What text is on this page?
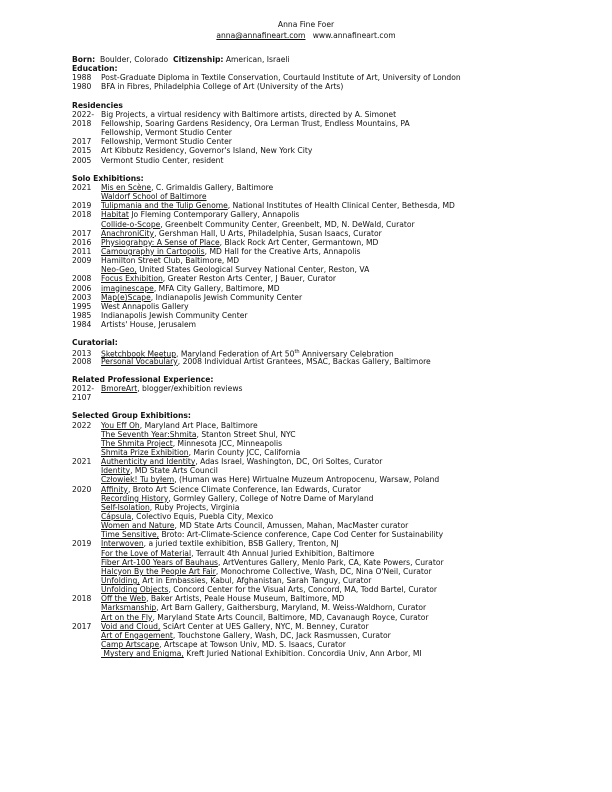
Anna Fine Foer
anna@annafineart.com www.annafineart.com
Born: Boulder, Colorado Citizenship: American, Israeli
Education:
1988 Post-Graduate Diploma in Textile Conservation, Courtauld Institute of Art, University of London
1980 BFA in Fibres, Philadelphia College of Art (University of the Arts)
Residencies
2022- Big Projects, a virtual residency with Baltimore artists, directed by A. Simonet
2018 Fellowship, Soaring Gardens Residency, Ora Lerman Trust, Endless Mountains, PA
Fellowship, Vermont Studio Center
2017 Fellowship, Vermont Studio Center
2015 Art Kibbutz Residency, Governor's Island, New York City
2005 Vermont Studio Center, resident
Solo Exhibitions:
2021 Mis en Scène, C. Grimaldis Gallery, Baltimore
Waldorf School of Baltimore
2019 Tulipmania and the Tulip Genome, National Institutes of Health Clinical Center, Bethesda, MD
2018 Habitat Jo Fleming Contemporary Gallery, Annapolis
Collide-o-Scope, Greenbelt Community Center, Greenbelt, MD, N. DeWald, Curator
2017 AnachroniCity, Gershman Hall, U Arts, Philadelphia, Susan Isaacs, Curator
2016 Physiograhpy: A Sense of Place, Black Rock Art Center, Germantown, MD
2011 Camougraphy in Cartopolis, MD Hall for the Creative Arts, Annapolis
2009 Hamilton Street Club, Baltimore, MD
Neo-Geo, United States Geological Survey National Center, Reston, VA
2008 Focus Exhibition, Greater Reston Arts Center, J Bauer, Curator
2006 imaginescape, MFA City Gallery, Baltimore, MD
2003 Map(e)Scape, Indianapolis Jewish Community Center
1995 West Annapolis Gallery
1985 Indianapolis Jewish Community Center
1984 Artists' House, Jerusalem
Curatorial:
2013 Sketchbook Meetup, Maryland Federation of Art 50th Anniversary Celebration
2008 Personal Vocabulary, 2008 Individual Artist Grantees, MSAC, Backas Gallery, Baltimore
Related Professional Experience:
2012- BmoreArt, blogger/exhibition reviews
2107
Selected Group Exhibitions:
2022 You Eff Oh, Maryland Art Place, Baltimore
The Seventh Year:Shmita, Stanton Street Shul, NYC
The Shmita Project, Minnesota JCC, Minneapolis
Shmita Prize Exhibition, Marin County JCC, California
2021 Authenticity and Identity, Adas Israel, Washington, DC, Ori Soltes, Curator
Identity, MD State Arts Council
Człowiek! Tu byłem, (Human was Here) Wirtualne Muzeum Antropocenu, Warsaw, Poland
2020 Affinity, Broto Art Science Climate Conference, Ian Edwards, Curator
Recording History, Gormley Gallery, College of Notre Dame of Maryland
Self-Isolation, Ruby Projects, Virginia
Cápsula, Colectivo Equis, Puebla City, Mexico
Women and Nature, MD State Arts Council, Amussen, Mahan, MacMaster curator
Time Sensitive, Broto: Art-Climate-Science conference, Cape Cod Center for Sustainability
2019 Interwoven, a juried textile exhibition, BSB Gallery, Trenton, NJ
For the Love of Material, Terrault 4th Annual Juried Exhibition, Baltimore
Fiber Art-100 Years of Bauhaus, ArtVentures Gallery, Menlo Park, CA, Kate Powers, Curator
Halcyon By the People Art Fair, Monochrome Collective, Wash, DC, Nina O'Neil, Curator
Unfolding, Art in Embassies, Kabul, Afghanistan, Sarah Tanguy, Curator
Unfolding Objects, Concord Center for the Visual Arts, Concord, MA, Todd Bartel, Curator
2018 Off the Web, Baker Artists, Peale House Museum, Baltimore, MD
Marksmanship, Art Barn Gallery, Gaithersburg, Maryland, M. Weiss-Waldhorn, Curator
Art on the Fly, Maryland State Arts Council, Baltimore, MD, Cavanaugh Royce, Curator
2017 Void and Cloud, SciArt Center at UES Gallery, NYC, M. Benney, Curator
Art of Engagement, Touchstone Gallery, Wash, DC, Jack Rasmussen, Curator
Camp Artscape, Artscape at Towson Univ, MD. S. Isaacs, Curator
Mystery and Enigma, Kreft Juried National Exhibition. Concordia Univ, Ann Arbor, MI
